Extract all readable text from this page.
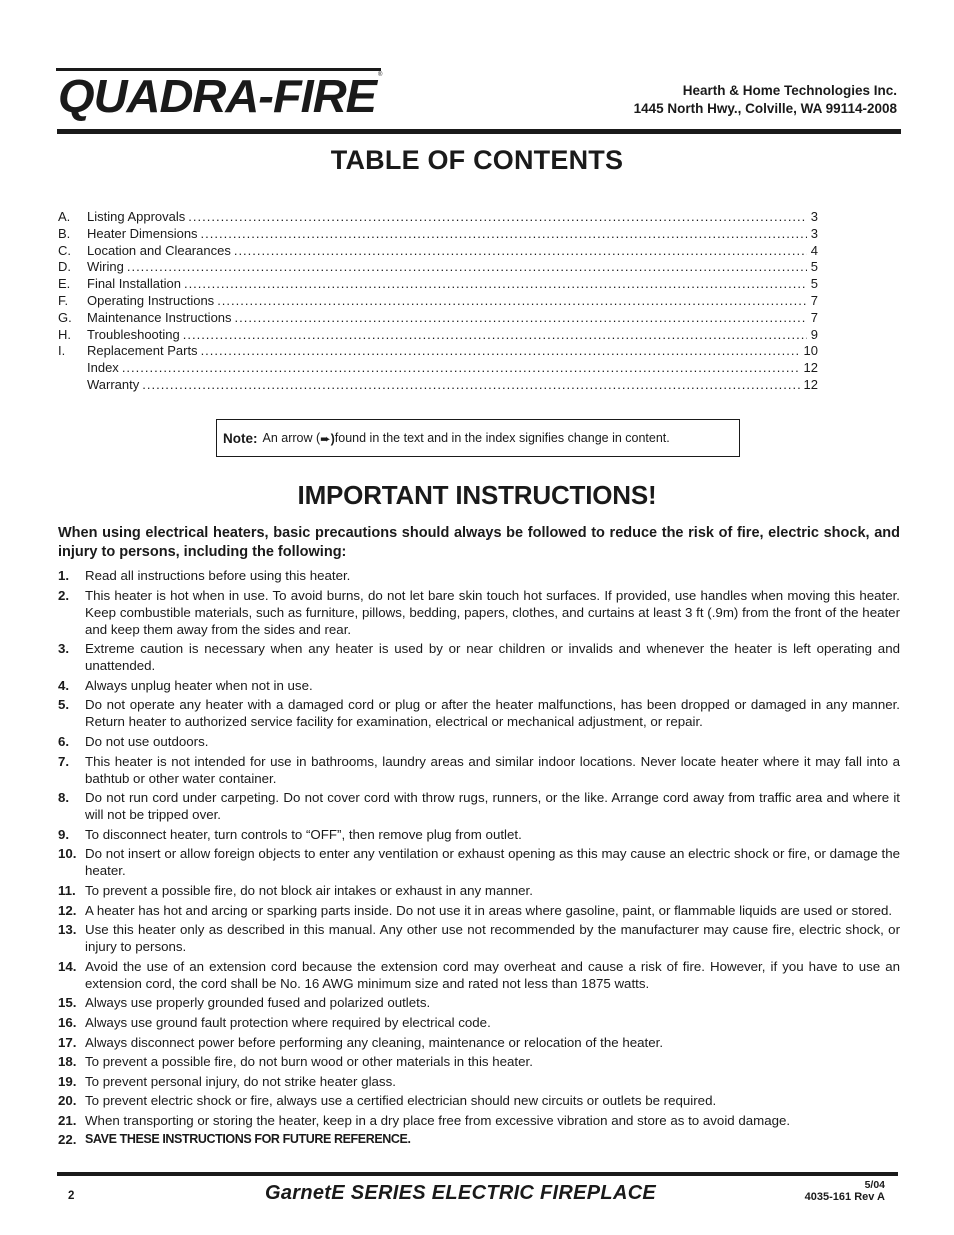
QUADRA-FIRE ®
Hearth & Home Technologies Inc.
1445 North Hwy., Colville, WA 99114-2008
TABLE OF CONTENTS
A.	Listing Approvals .....	3
B.	Heater Dimensions .....	3
C.	Location and Clearances .....	4
D.	Wiring .....	5
E.	Final Installation .....	5
F.	Operating Instructions .....	7
G.	Maintenance Instructions .....	7
H.	Troubleshooting .....	9
I.	Replacement Parts .....	10
Index .....	12
Warranty .....	12
Note: An arrow ( ➨) found in the text and in the index signifies change in content.
IMPORTANT INSTRUCTIONS!
When using electrical heaters, basic precautions should always be followed to reduce the risk of fire, electric shock, and injury to persons, including the following:
1.	Read all instructions before using this heater.
2.	This heater is hot when in use. To avoid burns, do not let bare skin touch hot surfaces. If provided, use handles when moving this heater. Keep combustible materials, such as furniture, pillows, bedding, papers, clothes, and curtains at least 3 ft (.9m) from the front of the heater and keep them away from the sides and rear.
3.	Extreme caution is necessary when any heater is used by or near children or invalids and whenever the heater is left operating and unattended.
4.	Always unplug heater when not in use.
5.	Do not operate any heater with a damaged cord or plug or after the heater malfunctions, has been dropped or damaged in any manner. Return heater to authorized service facility for examination, electrical or mechanical adjustment, or repair.
6.	Do not use outdoors.
7.	This heater is not intended for use in bathrooms, laundry areas and similar indoor locations. Never locate heater where it may fall into a bathtub or other water container.
8.	Do not run cord under carpeting. Do not cover cord with throw rugs, runners, or the like. Arrange cord away from traffic area and where it will not be tripped over.
9.	To disconnect heater, turn controls to “OFF”, then remove plug from outlet.
10. Do not insert or allow foreign objects to enter any ventilation or exhaust opening as this may cause an electric shock or fire, or damage the heater.
11. To prevent a possible fire, do not block air intakes or exhaust in any manner.
12. A heater has hot and arcing or sparking parts inside. Do not use it in areas where gasoline, paint, or flammable liquids are used or stored.
13. Use this heater only as described in this manual. Any other use not recommended by the manufacturer may cause fire, electric shock, or injury to persons.
14. Avoid the use of an extension cord because the extension cord may overheat and cause a risk of fire. However, if you have to use an extension cord, the cord shall be No. 16 AWG minimum size and rated not less than 1875 watts.
15. Always use properly grounded fused and polarized outlets.
16. Always use ground fault protection where required by electrical code.
17. Always disconnect power before performing any cleaning, maintenance or relocation of the heater.
18. To prevent a possible fire, do not burn wood or other materials in this heater.
19. To prevent personal injury, do not strike heater glass.
20. To prevent electric shock or fire, always use a certified electrician should new circuits or outlets be required.
21. When transporting or storing the heater, keep in a dry place free from excessive vibration and store as to avoid damage.
22. SAVE THESE INSTRUCTIONS FOR FUTURE REFERENCE.
2	GarnetE SERIES ELECTRIC FIREPLACE	5/04
4035-161 Rev A
